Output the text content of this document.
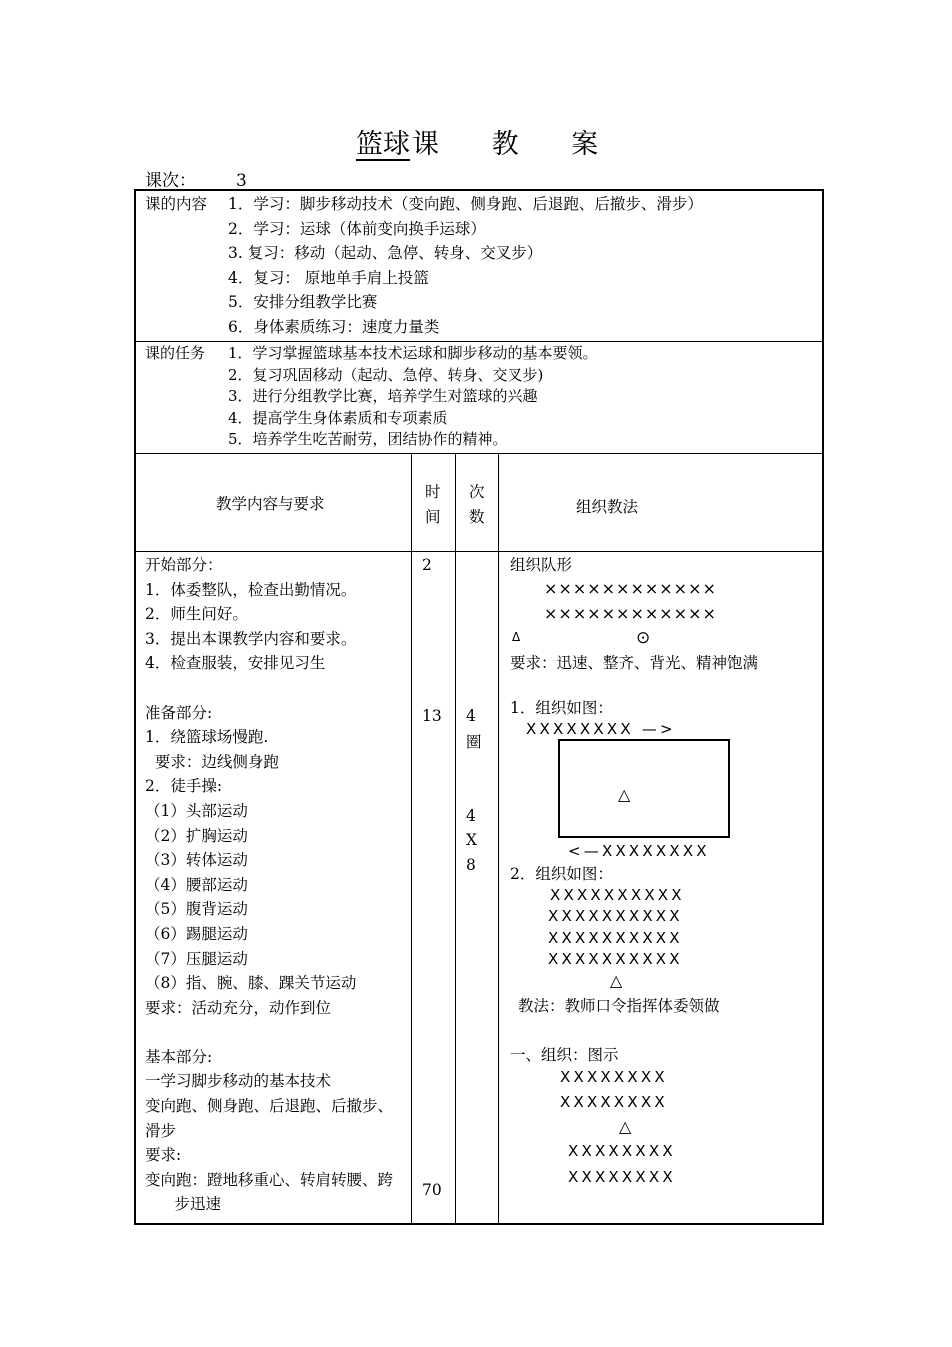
篮球课 教 案
课次： 3
课的内容 1．学习：脚步移动技术（变向跑、侧身跑、后退跑、后撤步、滑步）
2．学习：运球（体前变向换手运球）
3. 复习：移动（起动、急停、转身、交叉步）
4．复习： 原地单手肩上投篮
5．安排分组教学比赛
6．身体素质练习：速度力量类
课的任务 1．学习掌握篮球基本技术运球和脚步移动的基本要领。
2．复习巩固移动（起动、急停、转身、交叉步)
3．进行分组教学比赛，培养学生对篮球的兴趣
4．提高学生身体素质和专项素质
5．培养学生吃苦耐劳，团结协作的精神。
教学内容与要求
时
间
次
数
组织教法
开始部分：
1．体委整队，检查出勤情况。
2．师生问好。
3．提出本课教学内容和要求。
4．检查服装，安排见习生

准备部分:
1．绕篮球场慢跑.
要求：边线侧身跑
2．徒手操:
（1）头部运动
（2）扩胸运动
（3）转体运动
（4）腰部运动
（5）腹背运动
（6）踢腿运动
（7）压腿运动
（8）指、腕、膝、踝关节运动
要求：活动充分，动作到位

基本部分:
一学习脚步移动的基本技术
变向跑、侧身跑、后退跑、后撤步、
滑步
要求:
变向跑：蹬地移重心、转肩转腰、跨
步迅速
2
13
70
4
圈
4
X
8
组织队形
××××××××××××
××××××××××××
Δ	⊙
要求：迅速、整齐、背光、精神饱满
1．组织如图：
XXXXXXXX —>
△
<—XXXXXXXX
2．组织如图：
XXXXXXXXXX
XXXXXXXXXX
XXXXXXXXXX
XXXXXXXXXX
△
教法：教师口令指挥体委领做
一、组织：图示
XXXXXXXX
XXXXXXXX
△
XXXXXXXX
XXXXXXXX
